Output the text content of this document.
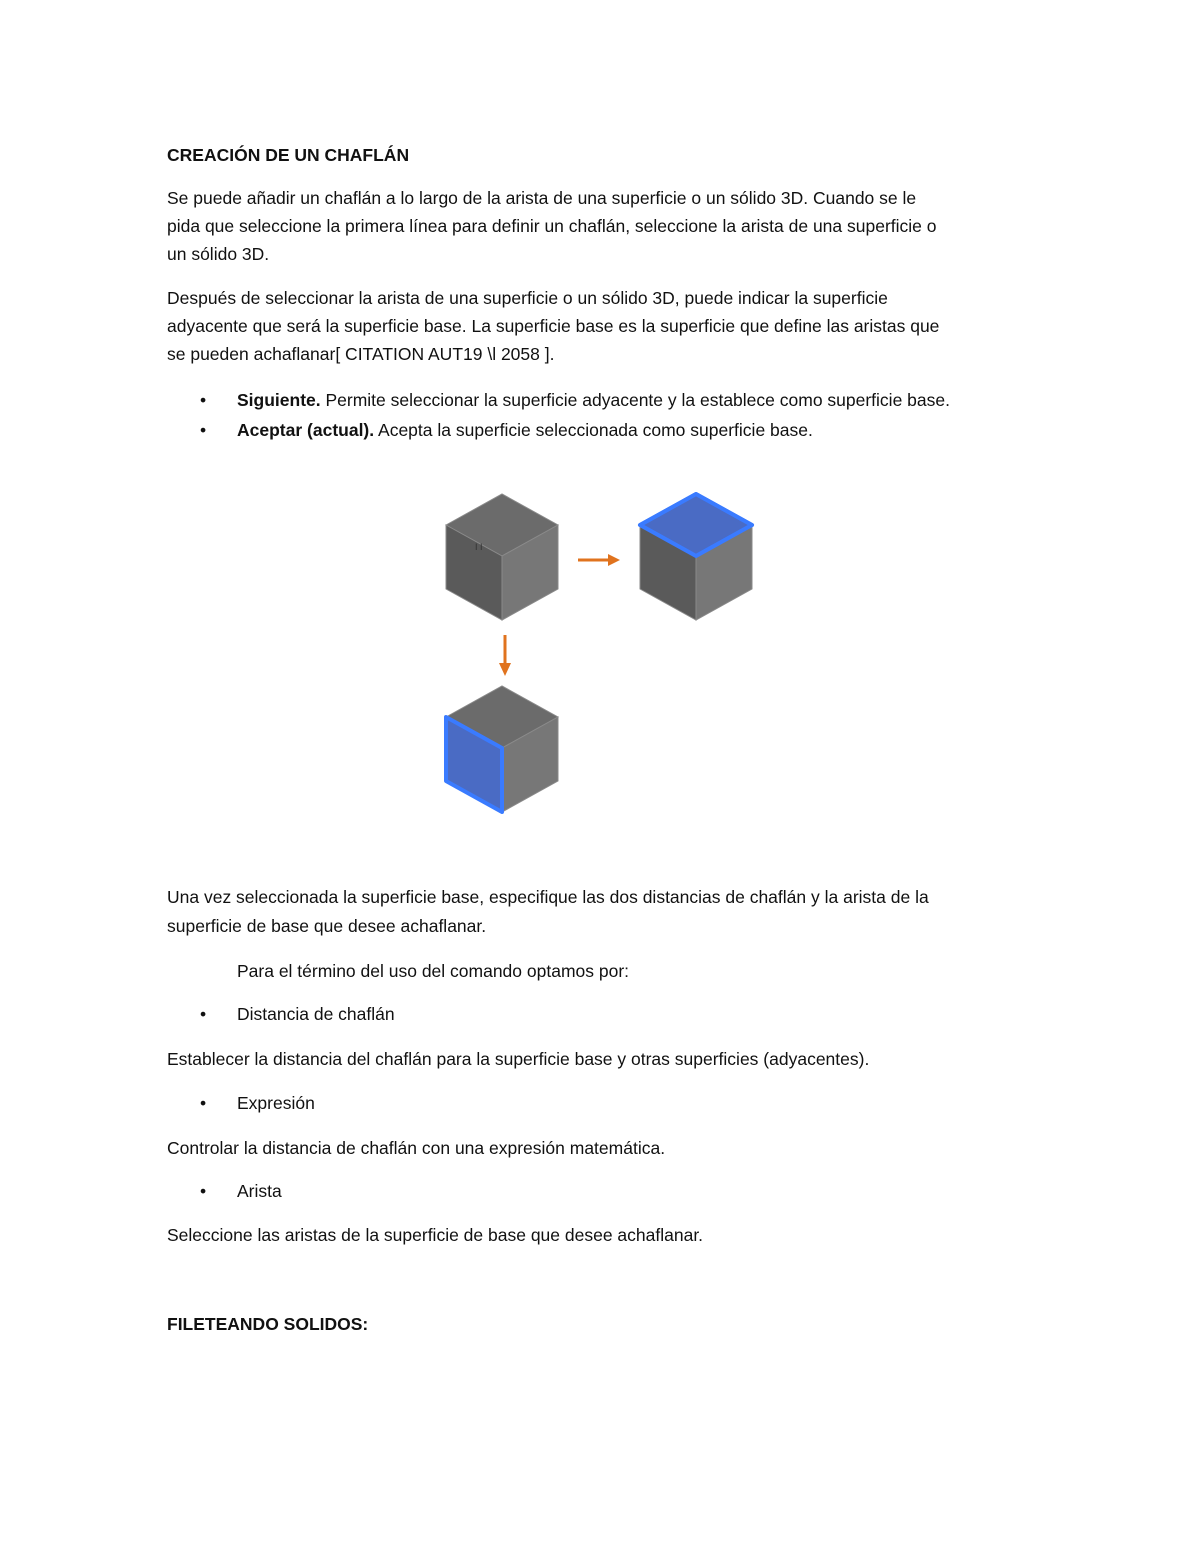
CREACIÓN DE UN CHAFLÁN
Se puede añadir un chaflán a lo largo de la arista de una superficie o un sólido 3D. Cuando se le
pida que seleccione la primera línea para definir un chaflán, seleccione la arista de una superficie o
un sólido 3D.
Después de seleccionar la arista de una superficie o un sólido 3D, puede indicar la superficie
adyacente que será la superficie base. La superficie base es la superficie que define las aristas que
se pueden achaflanar[ CITATION AUT19 \l 2058 ].
• Siguiente. Permite seleccionar la superficie adyacente y la establece como superficie base.
• Aceptar (actual). Acepta la superficie seleccionada como superficie base.
I I
Una vez seleccionada la superficie base, especifique las dos distancias de chaflán y la arista de la
superficie de base que desee achaflanar.
Para el término del uso del comando optamos por:
• Distancia de chaflán
Establecer la distancia del chaflán para la superficie base y otras superficies (adyacentes).
• Expresión
Controlar la distancia de chaflán con una expresión matemática.
• Arista
Seleccione las aristas de la superficie de base que desee achaflanar.
FILETEANDO SOLIDOS:
